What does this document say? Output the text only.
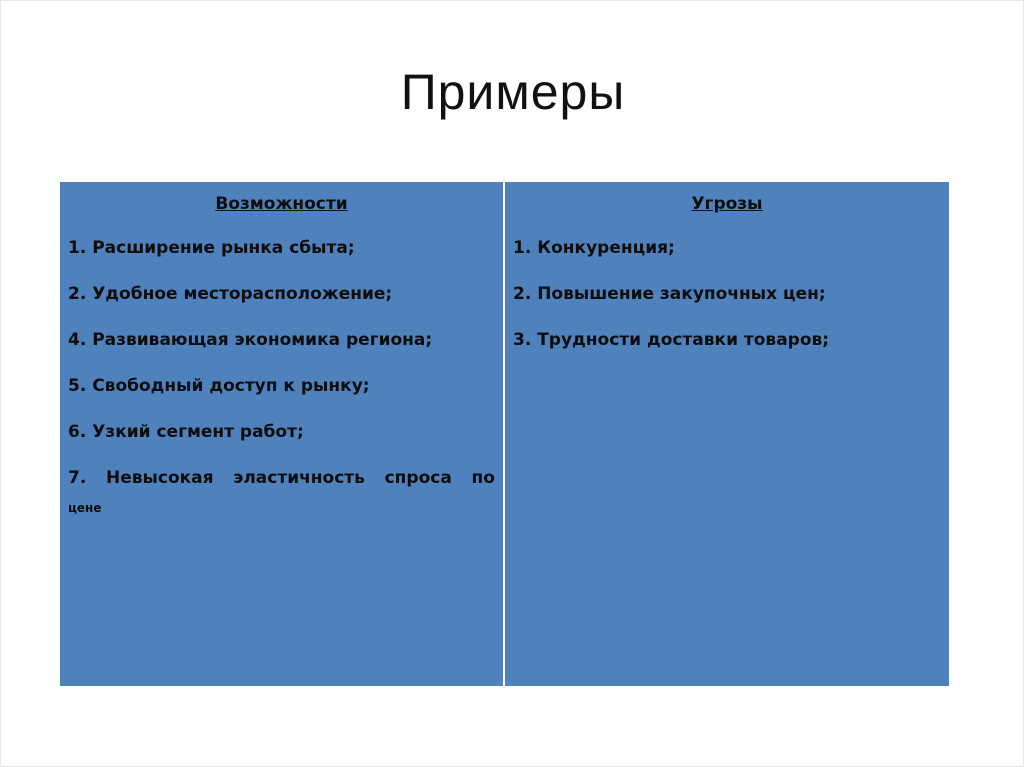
Примеры
Возможности
1. Расширение рынка сбыта;
2. Удобное месторасположение;
4. Развивающая экономика региона;
5. Свободный доступ к рынку;
6. Узкий сегмент работ;
7. Невысокая эластичность спроса по
цене
Угрозы
1. Конкуренция;
2. Повышение закупочных цен;
3. Трудности доставки товаров;
